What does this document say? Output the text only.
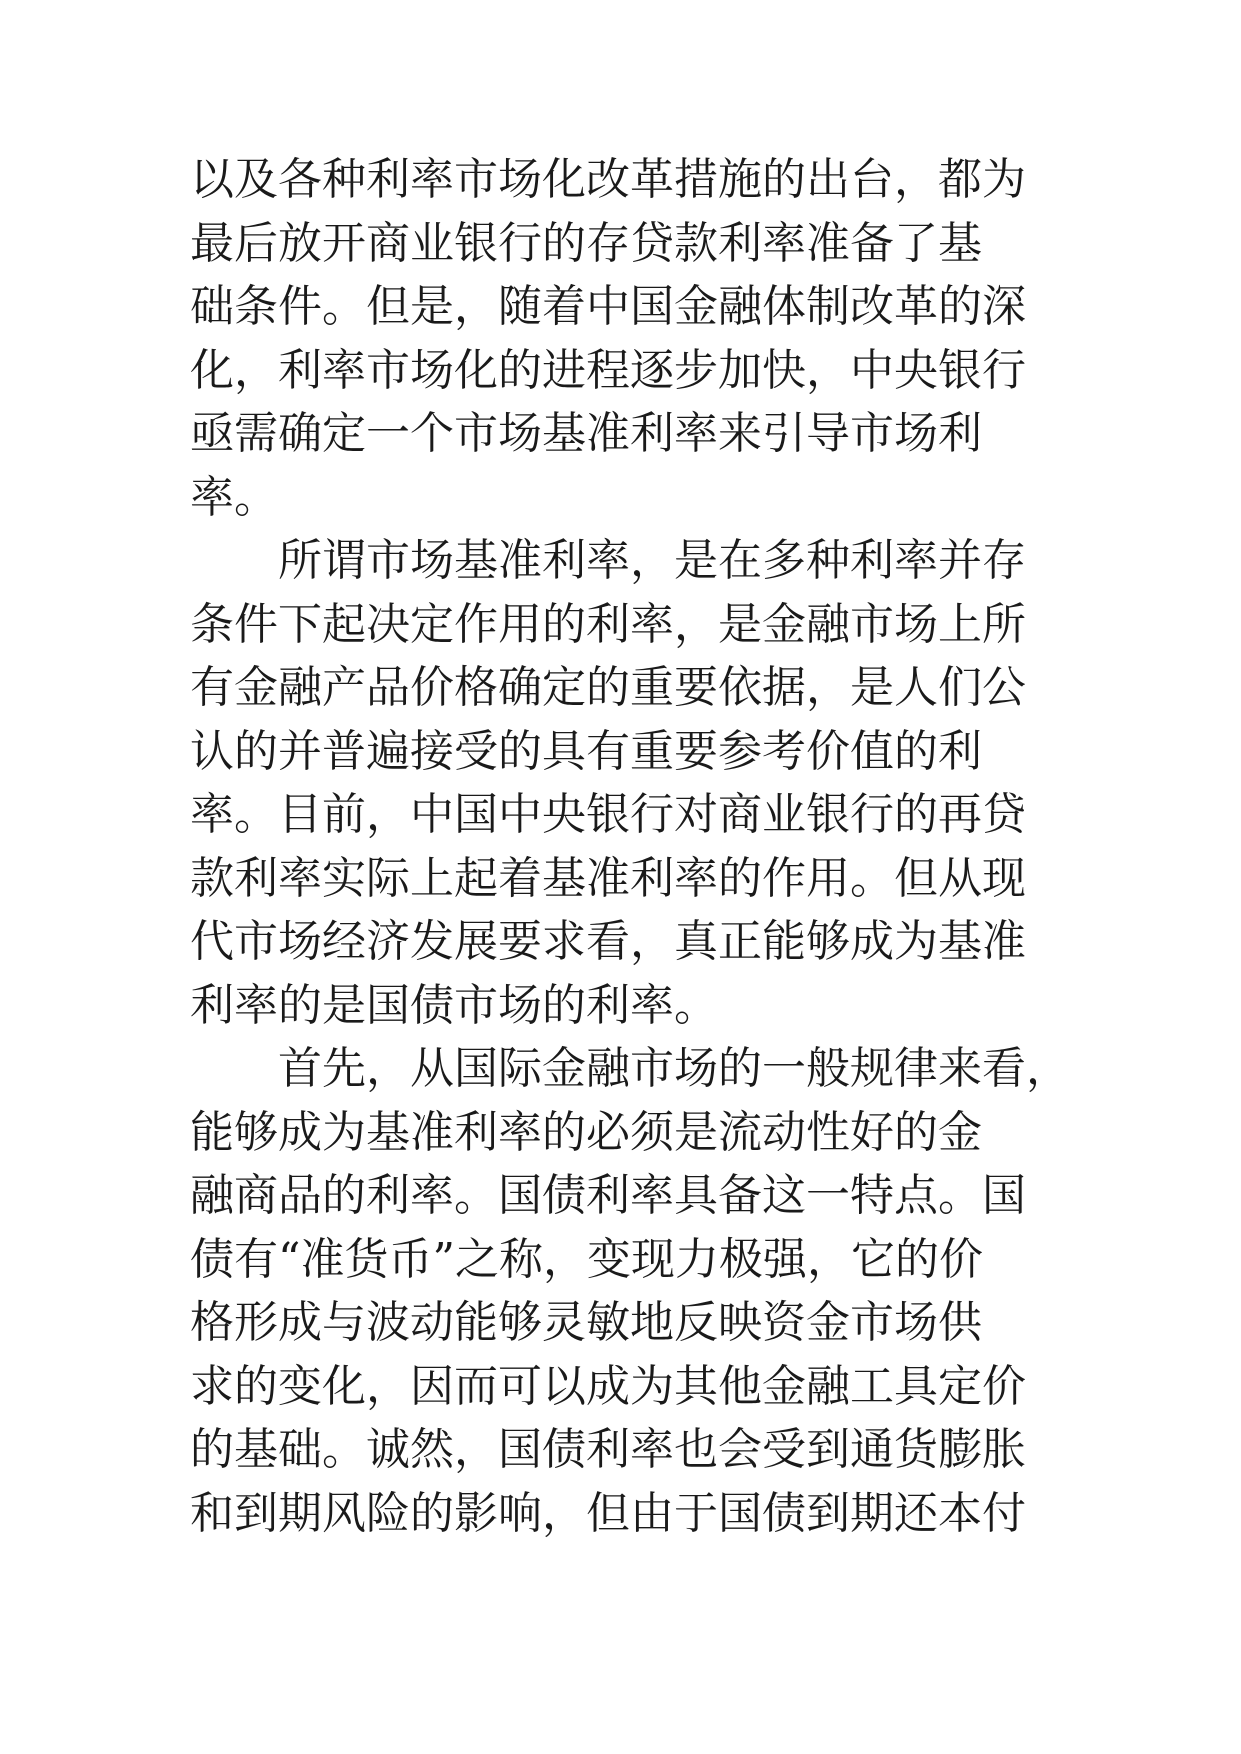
以及各种利率市场化改革措施的出台，都为
最后放开商业银行的存贷款利率准备了基
础条件。但是，随着中国金融体制改革的深
化，利率市场化的进程逐步加快，中央银行
亟需确定一个市场基准利率来引导市场利
率。
所谓市场基准利率，是在多种利率并存
条件下起决定作用的利率，是金融市场上所
有金融产品价格确定的重要依据，是人们公
认的并普遍接受的具有重要参考价值的利
率。目前，中国中央银行对商业银行的再贷
款利率实际上起着基准利率的作用。但从现
代市场经济发展要求看，真正能够成为基准
利率的是国债市场的利率。
首先，从国际金融市场的一般规律来看，
能够成为基准利率的必须是流动性好的金
融商品的利率。国债利率具备这一特点。国
债有“准货币”之称，变现力极强，它的价
格形成与波动能够灵敏地反映资金市场供
求的变化，因而可以成为其他金融工具定价
的基础。诚然，国债利率也会受到通货膨胀
和到期风险的影响，但由于国债到期还本付
